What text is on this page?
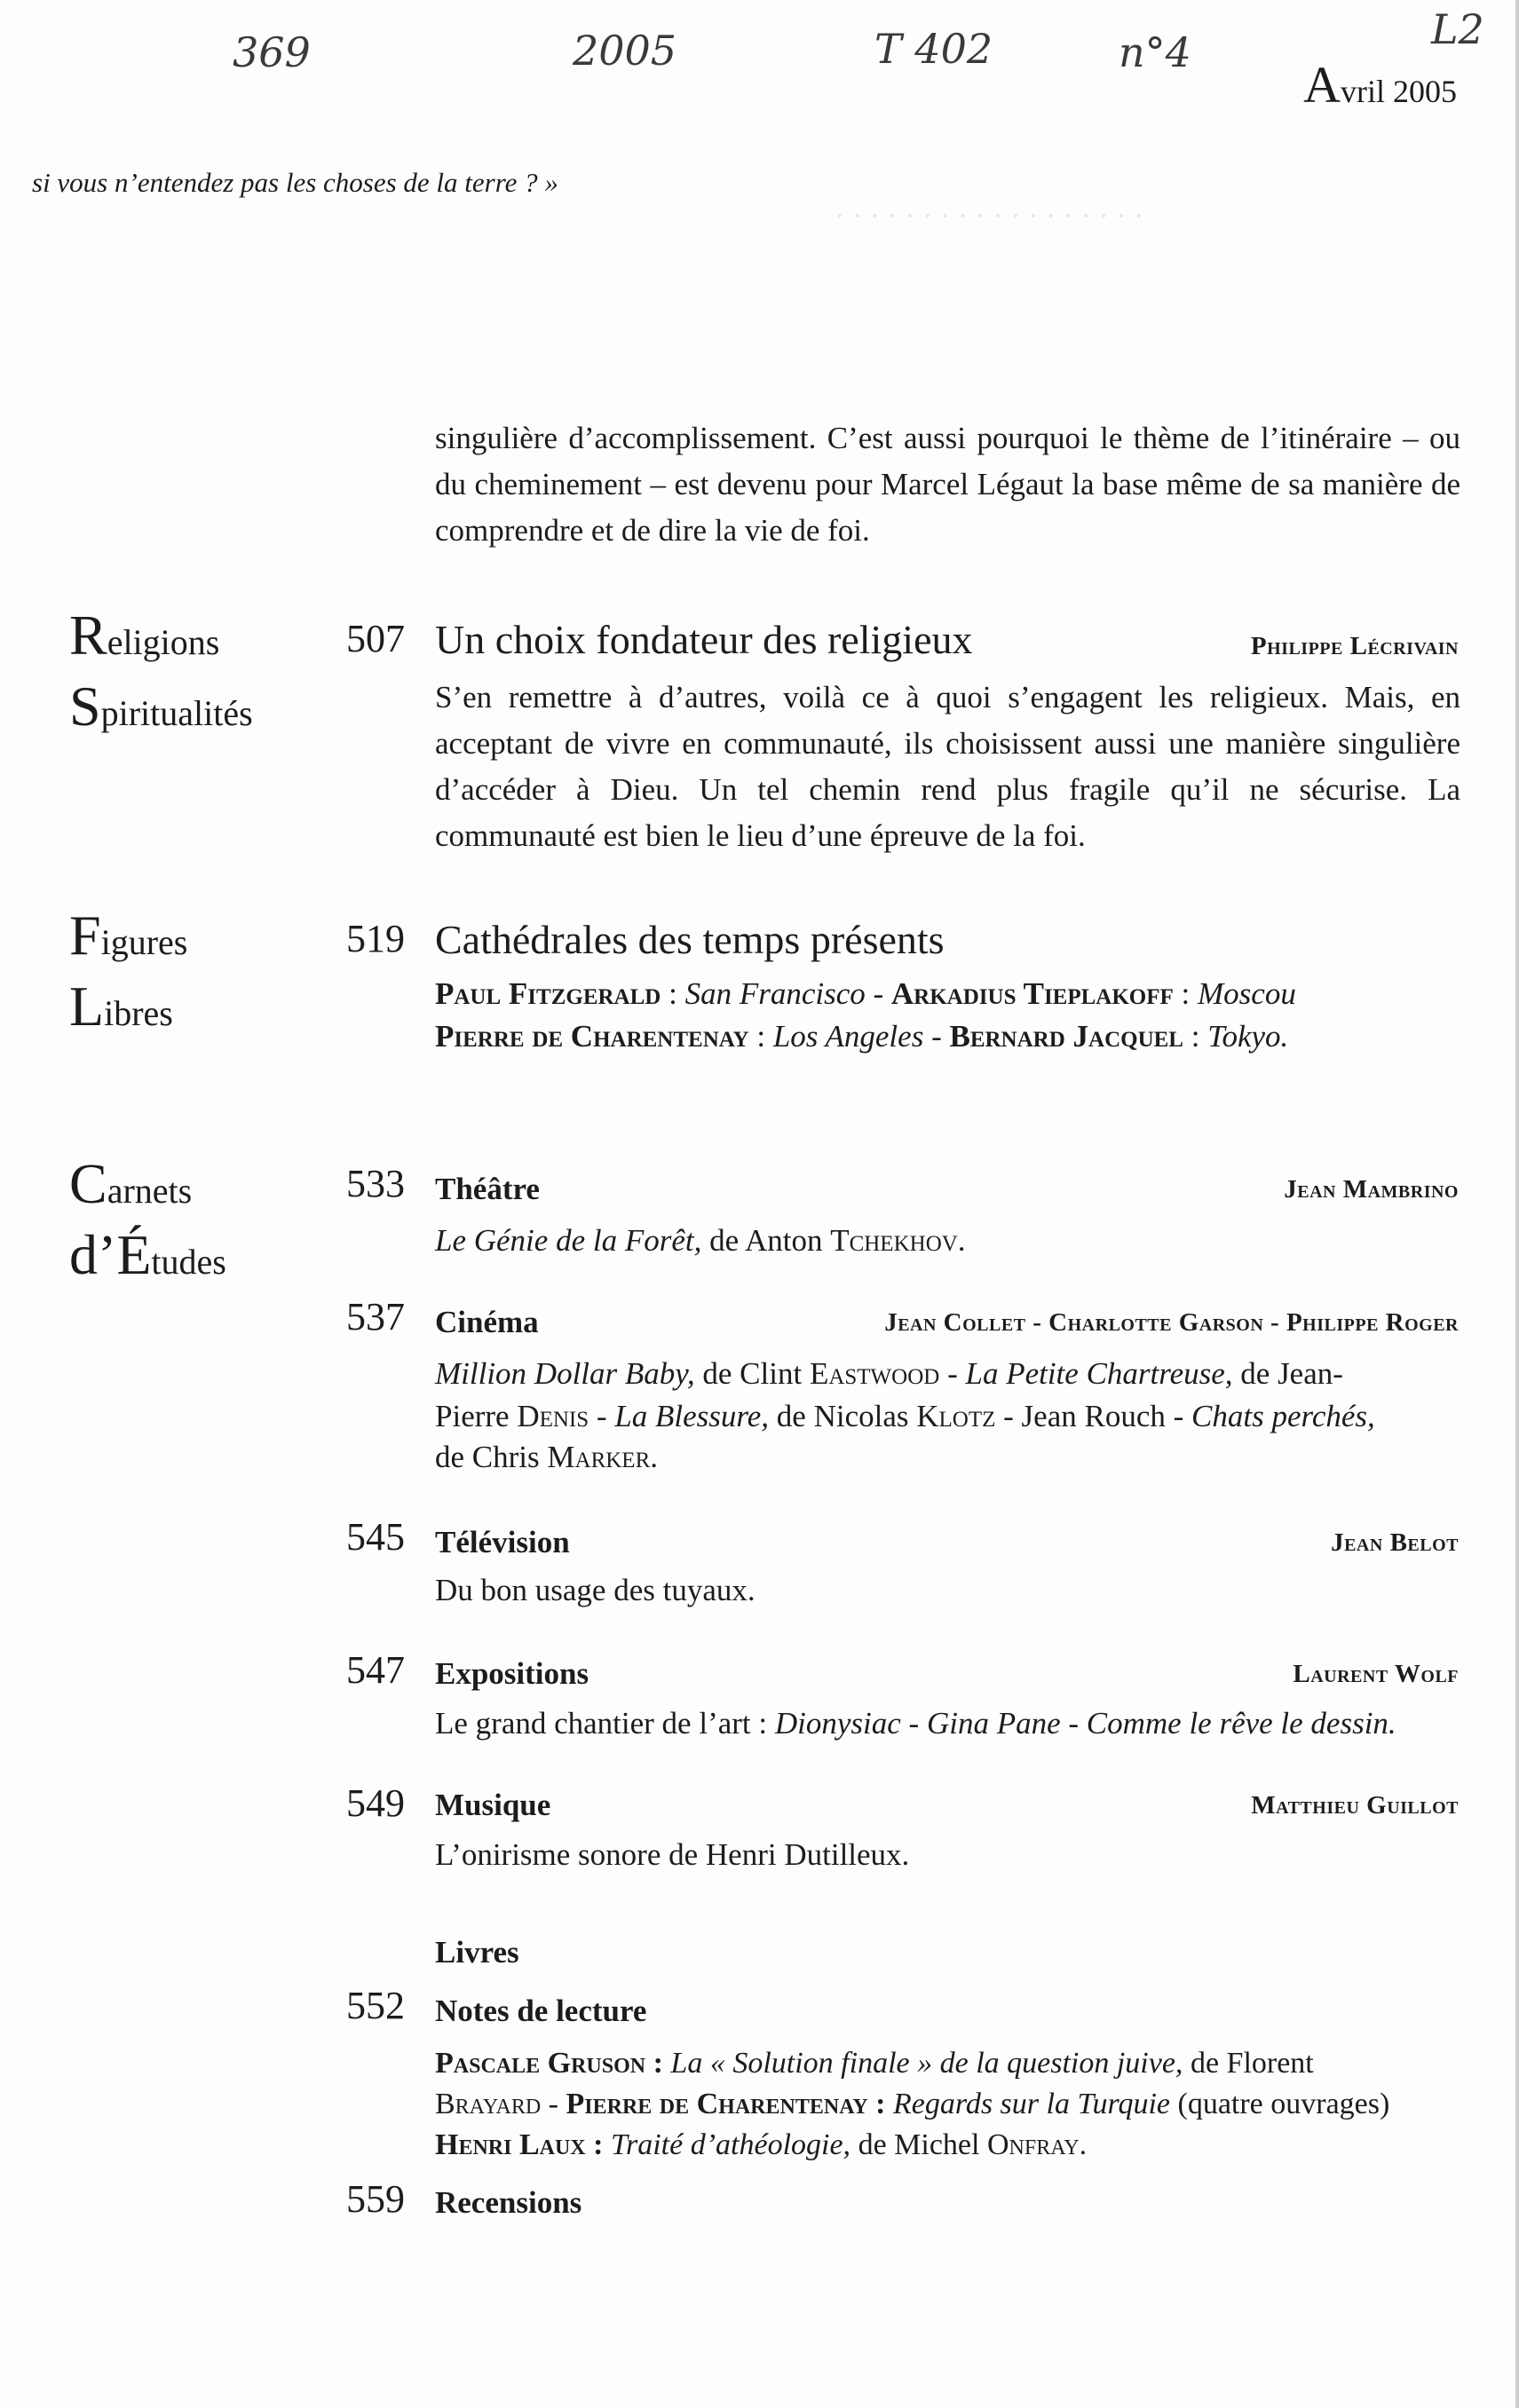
· · · · · · · · · · · · · · · · · ·
369	2005	T 402	n°4	L2
Avril 2005
si vous n’entendez pas les choses de la terre ? »
singulière d’accomplissement. C’est aussi pourquoi le thème de l’itinéraire – ou du cheminement – est devenu pour Marcel Légaut la base même de sa manière de comprendre et de dire la vie de foi.
Religions
Spiritualités
507 Un choix fondateur des religieux	Philippe Lécrivain
S’en remettre à d’autres, voilà ce à quoi s’engagent les religieux. Mais, en acceptant de vivre en communauté, ils choisissent aussi une manière singulière d’accéder à Dieu. Un tel chemin rend plus fragile qu’il ne sécurise. La communauté est bien le lieu d’une épreuve de la foi.
Figures
Libres
519 Cathédrales des temps présents
Paul Fitzgerald : San Francisco - Arkadius Tieplakoff : Moscou
Pierre de Charentenay : Los Angeles - Bernard Jacquel : Tokyo.
Carnets
d’Études
533 Théâtre	Jean Mambrino
Le Génie de la Forêt, de Anton Tchekhov.
537 Cinéma	Jean Collet - Charlotte Garson - Philippe Roger
Million Dollar Baby, de Clint Eastwood - La Petite Chartreuse, de Jean-
Pierre Denis - La Blessure, de Nicolas Klotz - Jean Rouch - Chats perchés,
de Chris Marker.
545 Télévision	Jean Belot
Du bon usage des tuyaux.
547 Expositions	Laurent Wolf
Le grand chantier de l’art : Dionysiac - Gina Pane - Comme le rêve le dessin.
549 Musique	Matthieu Guillot
L’onirisme sonore de Henri Dutilleux.
Livres
552 Notes de lecture
Pascale Gruson : La « Solution finale » de la question juive, de Florent
Brayard - Pierre de Charentenay : Regards sur la Turquie (quatre ouvrages)
Henri Laux : Traité d’athéologie, de Michel Onfray.
559 Recensions
